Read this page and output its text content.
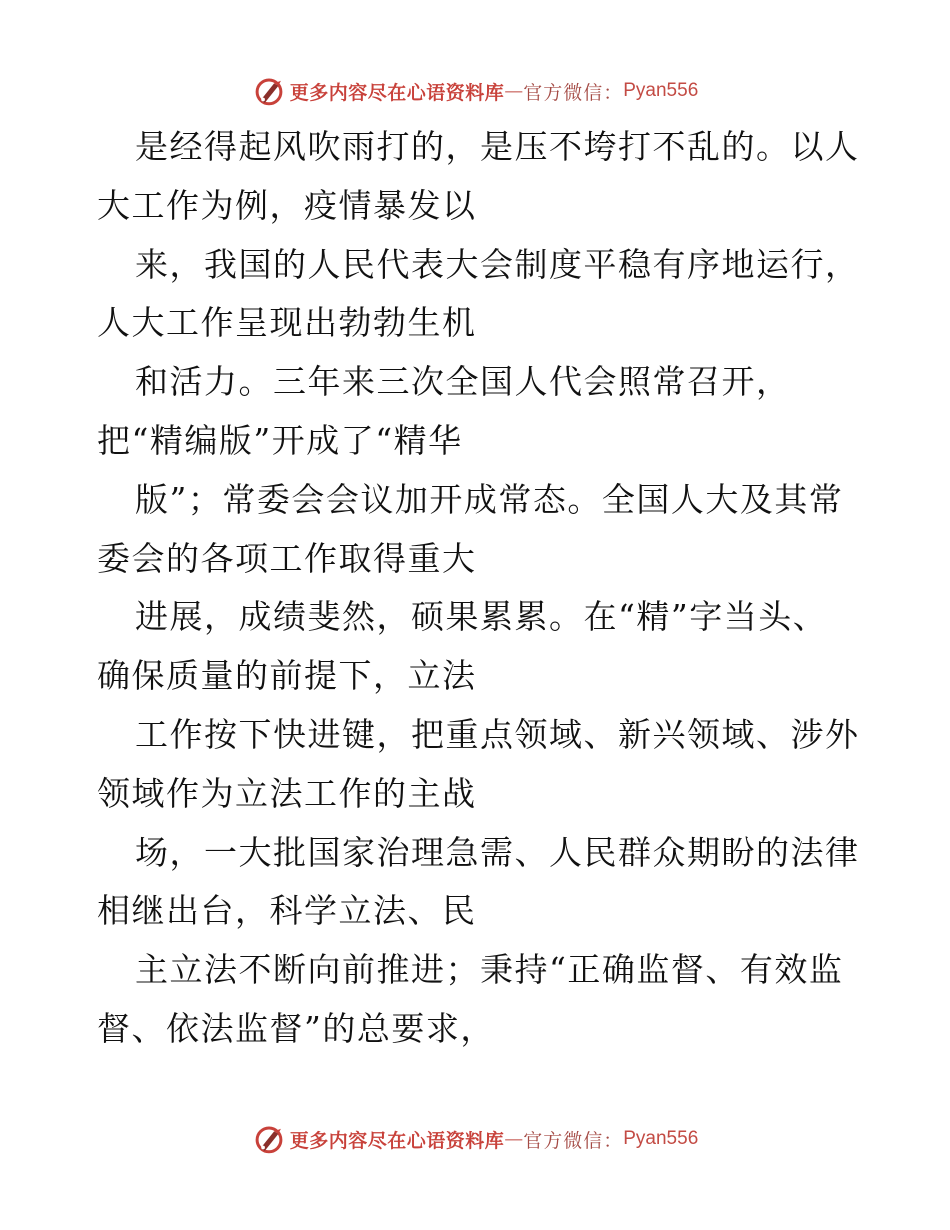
更多内容尽在心语资料库 — 官方微信： Pyan556
是经得起风吹雨打的，是压不垮打不乱的。以人
大工作为例，疫情暴发以
来，我国的人民代表大会制度平稳有序地运行，
人大工作呈现出勃勃生机
和活力。三年来三次全国人代会照常召开，
把“精编版”开成了“精华
版”；常委会会议加开成常态。全国人大及其常
委会的各项工作取得重大
进展，成绩斐然，硕果累累。在“精”字当头、
确保质量的前提下，立法
工作按下快进键，把重点领域、新兴领域、涉外
领域作为立法工作的主战
场，一大批国家治理急需、人民群众期盼的法律
相继出台，科学立法、民
主立法不断向前推进；秉持“正确监督、有效监
督、依法监督”的总要求，
更多内容尽在心语资料库 — 官方微信： Pyan556
